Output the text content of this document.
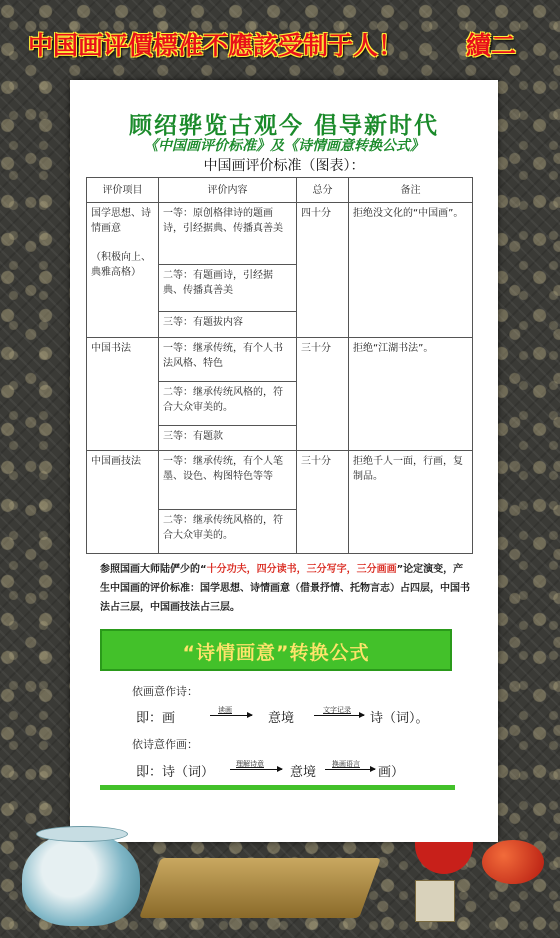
中国画评價標准不應該受制于人！	續二
顾绍骅览古观今 倡导新时代
《中国画评价标准》及《诗情画意转换公式》
中国画评价标准（图表）：
评价项目	评价内容	总分	备注

国学思想、诗情画意
（积极向上、典雅高格）	一等：原创格律诗的题画诗，引经据典、传播真善美	四十分	拒绝没文化的“中国画”。
	二等：有题画诗，引经据典、传播真善美		
	三等：有题拔内容		
中国书法	一等：继承传统，有个人书法风格、特色	三十分	拒绝“江湖书法”。
	二等：继承传统风格的，符合大众审美的。		
	三等：有题款		
中国画技法	一等：继承传统，有个人笔墨、设色、构图特色等等	三十分	拒绝千人一面，行画，复制品。
	二等：继承传统风格的，符合大众审美的。		
参照国画大师陆俨少的“十分功夫，四分读书，三分写字，三分画画”论定演变，产生中国画的评价标准：国学思想、诗情画意（借景抒情、托物言志）占四层，中国书法占三层，中国画技法占三层。
“诗情画意”转换公式
依画意作诗：
即：画
读画
意境
文字记录
诗（词）。
依诗意作画：
即：诗（词）
理解诗意
意境
换画语言
画）
